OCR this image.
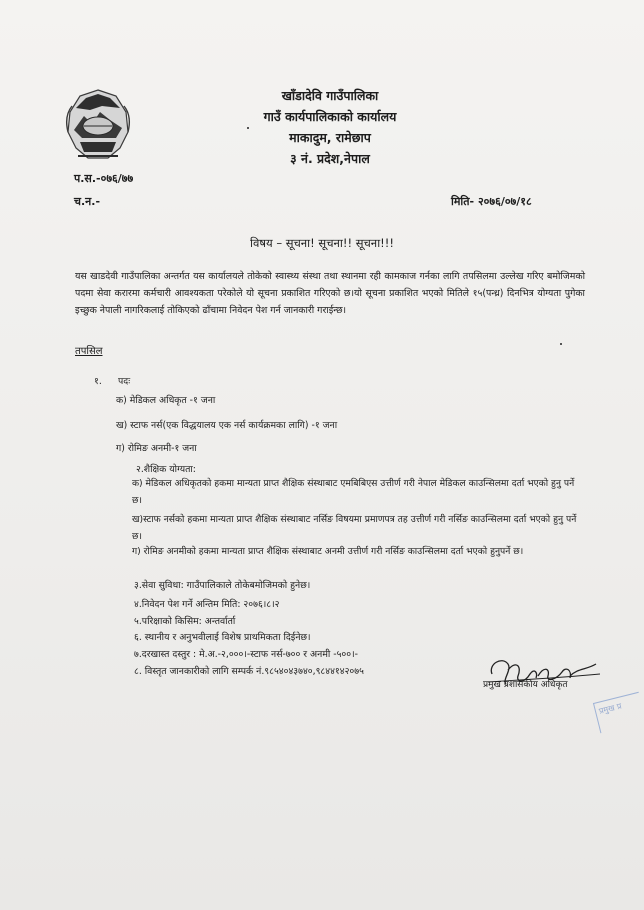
खाँडादेवि गाउँपालिका
गाउँ कार्यपालिकाको कार्यालय
माकादुम, रामेछाप
३ नं. प्रदेश,नेपाल
प.स.-०७६/७७
च.न.-	मिति- २०७६/०७/१८
विषय – सूचना! सूचना!! सूचना!!!
यस खाडदेवी गाउँपालिका अन्तर्गत यस कार्यालयले तोकेको स्वास्थ्य संस्था तथा स्थानमा रही कामकाज गर्नका लागि तपसिलमा उल्लेख गरिए बमोजिमको पदमा सेवा करारमा कर्मचारी आवश्यकता परेकोले यो सूचना प्रकाशित गरिएको छ।यो सूचना प्रकाशित भएको मितिले १५(पन्ध्र) दिनभित्र योग्यता पुगेका इच्छुक नेपाली नागरिकलाई तोकिएको ढाँचामा निवेदन पेश गर्न जानकारी गराईन्छ।
तपसिल
१. पदः
क) मेडिकल अधिकृत -१ जना
ख) स्टाफ नर्स(एक विद्धयालय एक नर्स कार्यक्रमका लागि) -१ जना
ग) रोमिङ अनमी-१ जना
२.शैक्षिक योग्यता:
क) मेडिकल अधिकृतको हकमा मान्यता प्राप्त शैक्षिक संस्थाबाट एमबिबिएस उत्तीर्ण गरी नेपाल मेडिकल काउन्सिलमा दर्ता भएको हुनु पर्ने छ।
ख)स्टाफ नर्सको हकमा मान्यता प्राप्त शैक्षिक संस्थाबाट नर्सिङ विषयमा प्रमाणपत्र तह उत्तीर्ण गरी नर्सिङ काउन्सिलमा दर्ता भएको हुनु पर्ने छ।
ग) रोमिङ अनमीको हकमा मान्यता प्राप्त शैक्षिक संस्थाबाट अनमी उत्तीर्ण गरी नर्सिङ काउन्सिलमा दर्ता भएको हुनुपर्ने छ।
३.सेवा सुविधा: गाउँपालिकाले तोकेबमोजिमको हुनेछ।
४.निवेदन पेश गर्ने अन्तिम मिति: २०७६।८।२
५.परिक्षाको किसिम: अन्तर्वार्ता
६. स्थानीय र अनुभवीलाई विशेष प्राथमिकता दिईनेछ।
७.दरखास्त दस्तुर : मे.अ.-२,०००।-स्टाफ नर्स-७०० र अनमी -५००।-
८. विस्तृत जानकारीको लागि सम्पर्क नं.९८५४०४३७४०,९८४४१४२०७५
प्रमुख प्रशासकीय अधिकृत
प्रमुख प्र
